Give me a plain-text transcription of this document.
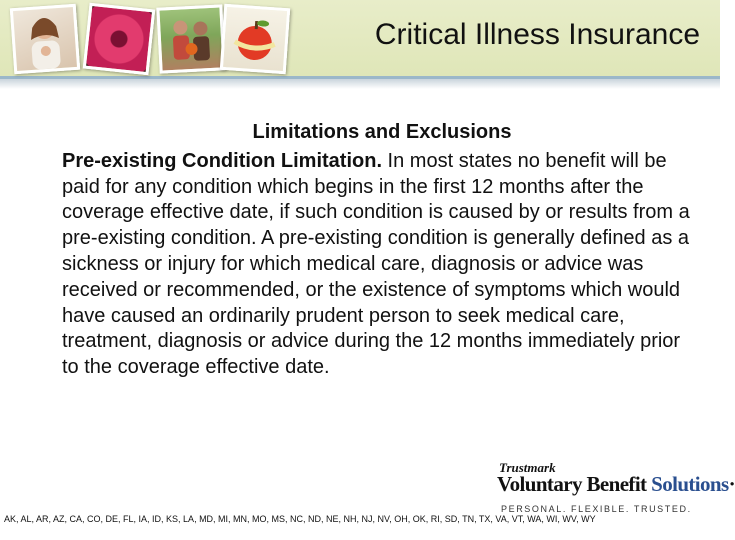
Critical Illness Insurance

Limitations and Exclusions

Pre-existing Condition Limitation. In most states no benefit will be paid for any condition which begins in the first 12 months after the coverage effective date, if such condition is caused by or results from a pre-existing condition. A pre-existing condition is generally defined as a sickness or injury for which medical care, diagnosis or advice was received or recommended, or the existence of symptoms which would have caused an ordinarily prudent person to seek medical care, treatment, diagnosis or advice during the 12 months immediately prior to the coverage effective date.

Trustmark
Voluntary Benefit Solutions·
PERSONAL. FLEXIBLE. TRUSTED.
AK, AL, AR, AZ, CA, CO, DE, FL, IA, ID, KS, LA, MD, MI, MN, MO, MS, NC, ND, NE, NH, NJ, NV, OH, OK, RI, SD, TN, TX, VA, VT, WA, WI, WV, WY
